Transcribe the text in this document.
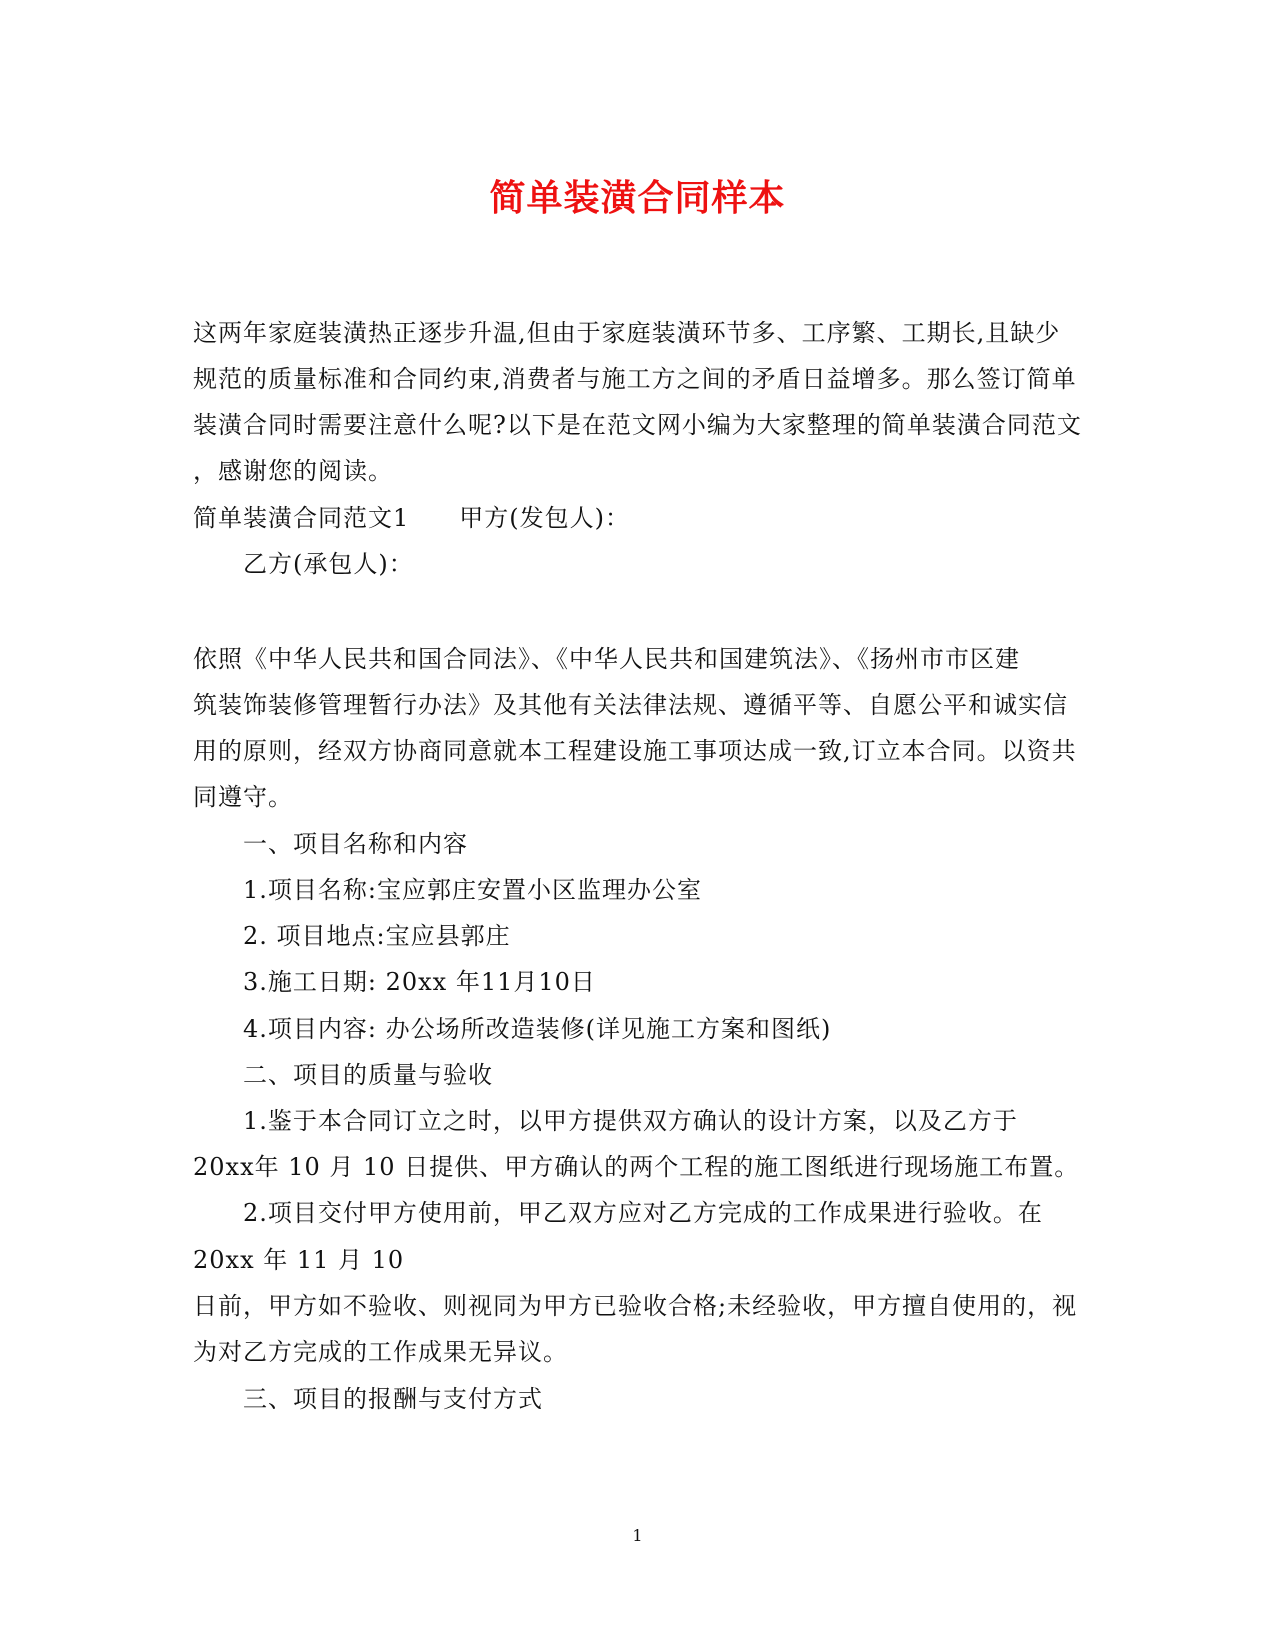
简单装潢合同样本
这两年家庭装潢热正逐步升温,但由于家庭装潢环节多、工序繁、工期长,且缺少
规范的质量标准和合同约束,消费者与施工方之间的矛盾日益增多。那么签订简单
装潢合同时需要注意什么呢?以下是在范文网小编为大家整理的简单装潢合同范文
，感谢您的阅读。
简单装潢合同范文1　　甲方(发包人)：
乙方(承包人)：
依照《中华人民共和国合同法》、《中华人民共和国建筑法》、《扬州市市区建
筑装饰装修管理暂行办法》及其他有关法律法规、遵循平等、自愿公平和诚实信
用的原则，经双方协商同意就本工程建设施工事项达成一致,订立本合同。以资共
同遵守。
一、项目名称和内容
1.项目名称:宝应郭庄安置小区监理办公室
2. 项目地点:宝应县郭庄
3.施工日期: 20xx 年11月10日
4.项目内容: 办公场所改造装修(详见施工方案和图纸)
二、项目的质量与验收
1.鉴于本合同订立之时，以甲方提供双方确认的设计方案，以及乙方于
20xx年 10 月 10 日提供、甲方确认的两个工程的施工图纸进行现场施工布置。
2.项目交付甲方使用前，甲乙双方应对乙方完成的工作成果进行验收。在
20xx 年 11 月 10
日前，甲方如不验收、则视同为甲方已验收合格;未经验收，甲方擅自使用的，视
为对乙方完成的工作成果无异议。
三、项目的报酬与支付方式
1
